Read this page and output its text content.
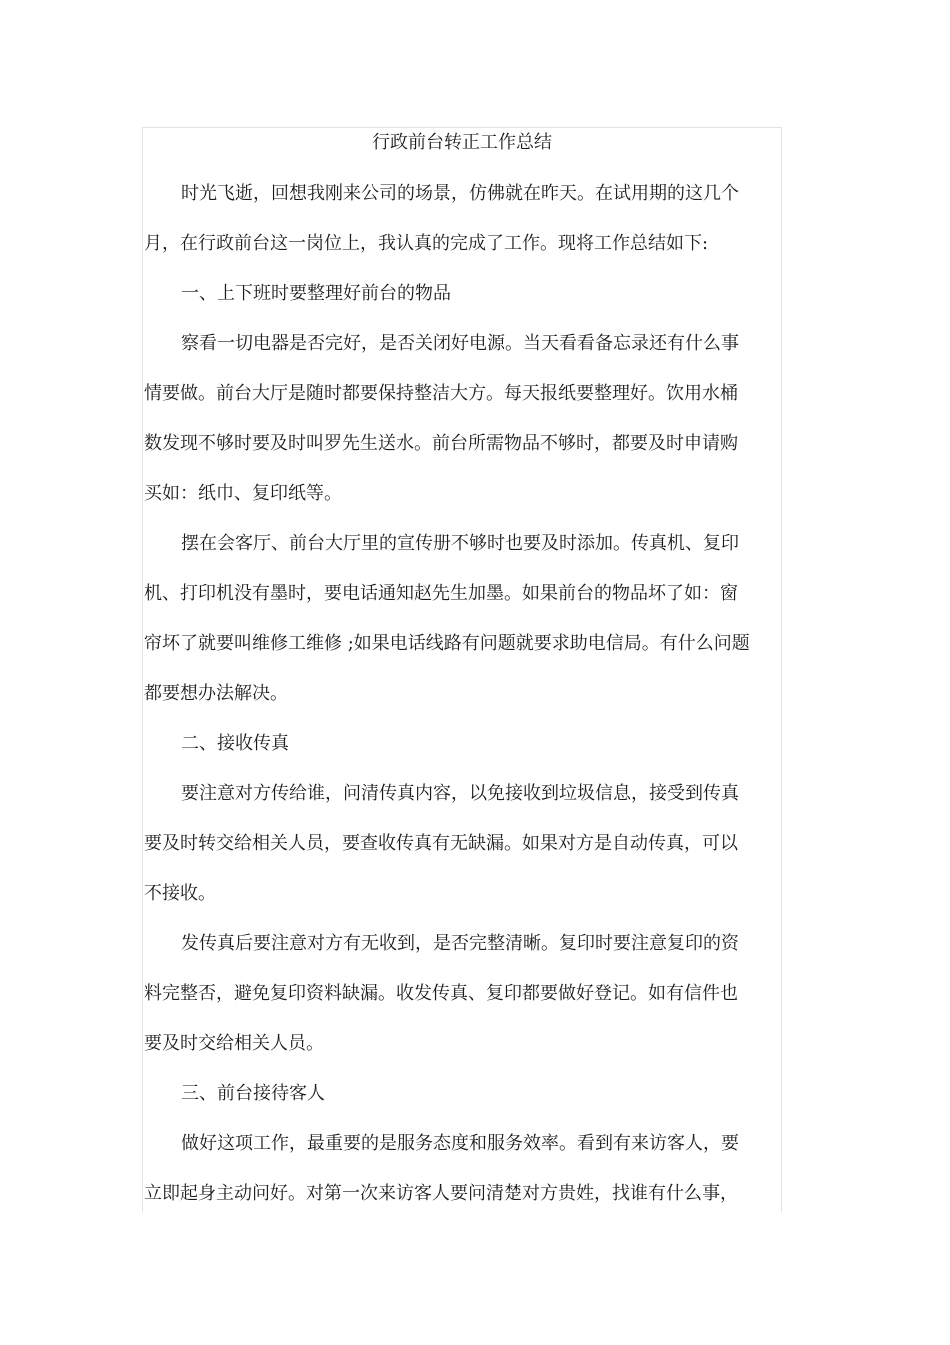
行政前台转正工作总结
时光飞逝，回想我刚来公司的场景，仿佛就在昨天。在试用期的这几个
月，在行政前台这一岗位上，我认真的完成了工作。现将工作总结如下:
一、上下班时要整理好前台的物品
察看一切电器是否完好，是否关闭好电源。当天看看备忘录还有什么事
情要做。前台大厅是随时都要保持整洁大方。每天报纸要整理好。饮用水桶
数发现不够时要及时叫罗先生送水。前台所需物品不够时，都要及时申请购
买如：纸巾、复印纸等。
摆在会客厅、前台大厅里的宣传册不够时也要及时添加。传真机、复印
机、打印机没有墨时，要电话通知赵先生加墨。如果前台的物品坏了如：窗
帘坏了就要叫维修工维修 ;如果电话线路有问题就要求助电信局。有什么问题
都要想办法解决。
二、接收传真
要注意对方传给谁，问清传真内容，以免接收到垃圾信息，接受到传真
要及时转交给相关人员，要查收传真有无缺漏。如果对方是自动传真，可以
不接收。
发传真后要注意对方有无收到，是否完整清晰。复印时要注意复印的资
料完整否，避免复印资料缺漏。收发传真、复印都要做好登记。如有信件也
要及时交给相关人员。
三、前台接待客人
做好这项工作，最重要的是服务态度和服务效率。看到有来访客人，要
立即起身主动问好。对第一次来访客人要问清楚对方贵姓，找谁有什么事，
